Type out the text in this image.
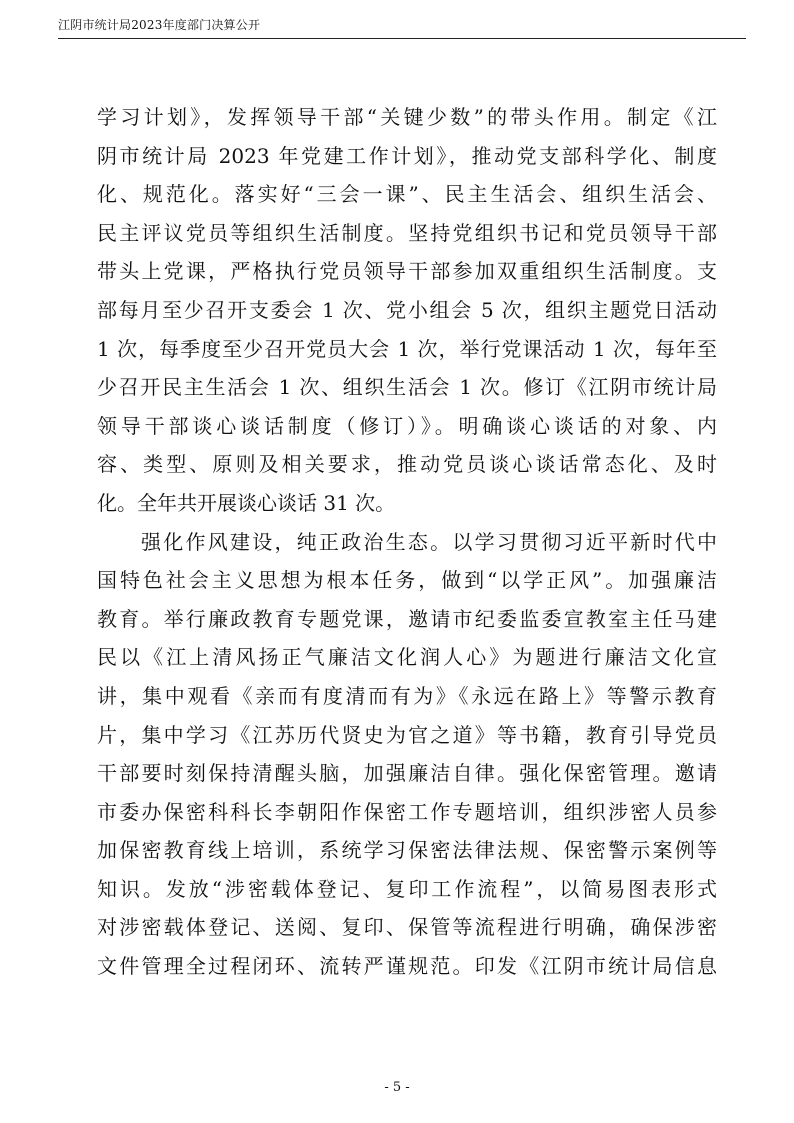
江阴市统计局2023年度部门决算公开
学习计划》，发挥领导干部“关键少数”的带头作用。制定《江
阴市统计局 2023 年党建工作计划》，推动党支部科学化、制度
化、规范化。落实好“三会一课”、民主生活会、组织生活会、
民主评议党员等组织生活制度。坚持党组织书记和党员领导干部
带头上党课，严格执行党员领导干部参加双重组织生活制度。支
部每月至少召开支委会 1 次、党小组会 5 次，组织主题党日活动
1 次，每季度至少召开党员大会 1 次，举行党课活动 1 次，每年至
少召开民主生活会 1 次、组织生活会 1 次。修订《江阴市统计局
领导干部谈心谈话制度（修订）》。明确谈心谈话的对象、内
容、类型、原则及相关要求，推动党员谈心谈话常态化、及时
化。全年共开展谈心谈话 31 次。
强化作风建设，纯正政治生态。以学习贯彻习近平新时代中
国特色社会主义思想为根本任务，做到“以学正风”。加强廉洁
教育。举行廉政教育专题党课，邀请市纪委监委宣教室主任马建
民以《江上清风扬正气廉洁文化润人心》为题进行廉洁文化宣
讲，集中观看《亲而有度清而有为》《永远在路上》等警示教育
片，集中学习《江苏历代贤史为官之道》等书籍，教育引导党员
干部要时刻保持清醒头脑，加强廉洁自律。强化保密管理。邀请
市委办保密科科长李朝阳作保密工作专题培训，组织涉密人员参
加保密教育线上培训，系统学习保密法律法规、保密警示案例等
知识。发放“涉密载体登记、复印工作流程”，以简易图表形式
对涉密载体登记、送阅、复印、保管等流程进行明确，确保涉密
文件管理全过程闭环、流转严谨规范。印发《江阴市统计局信息
- 5 -
